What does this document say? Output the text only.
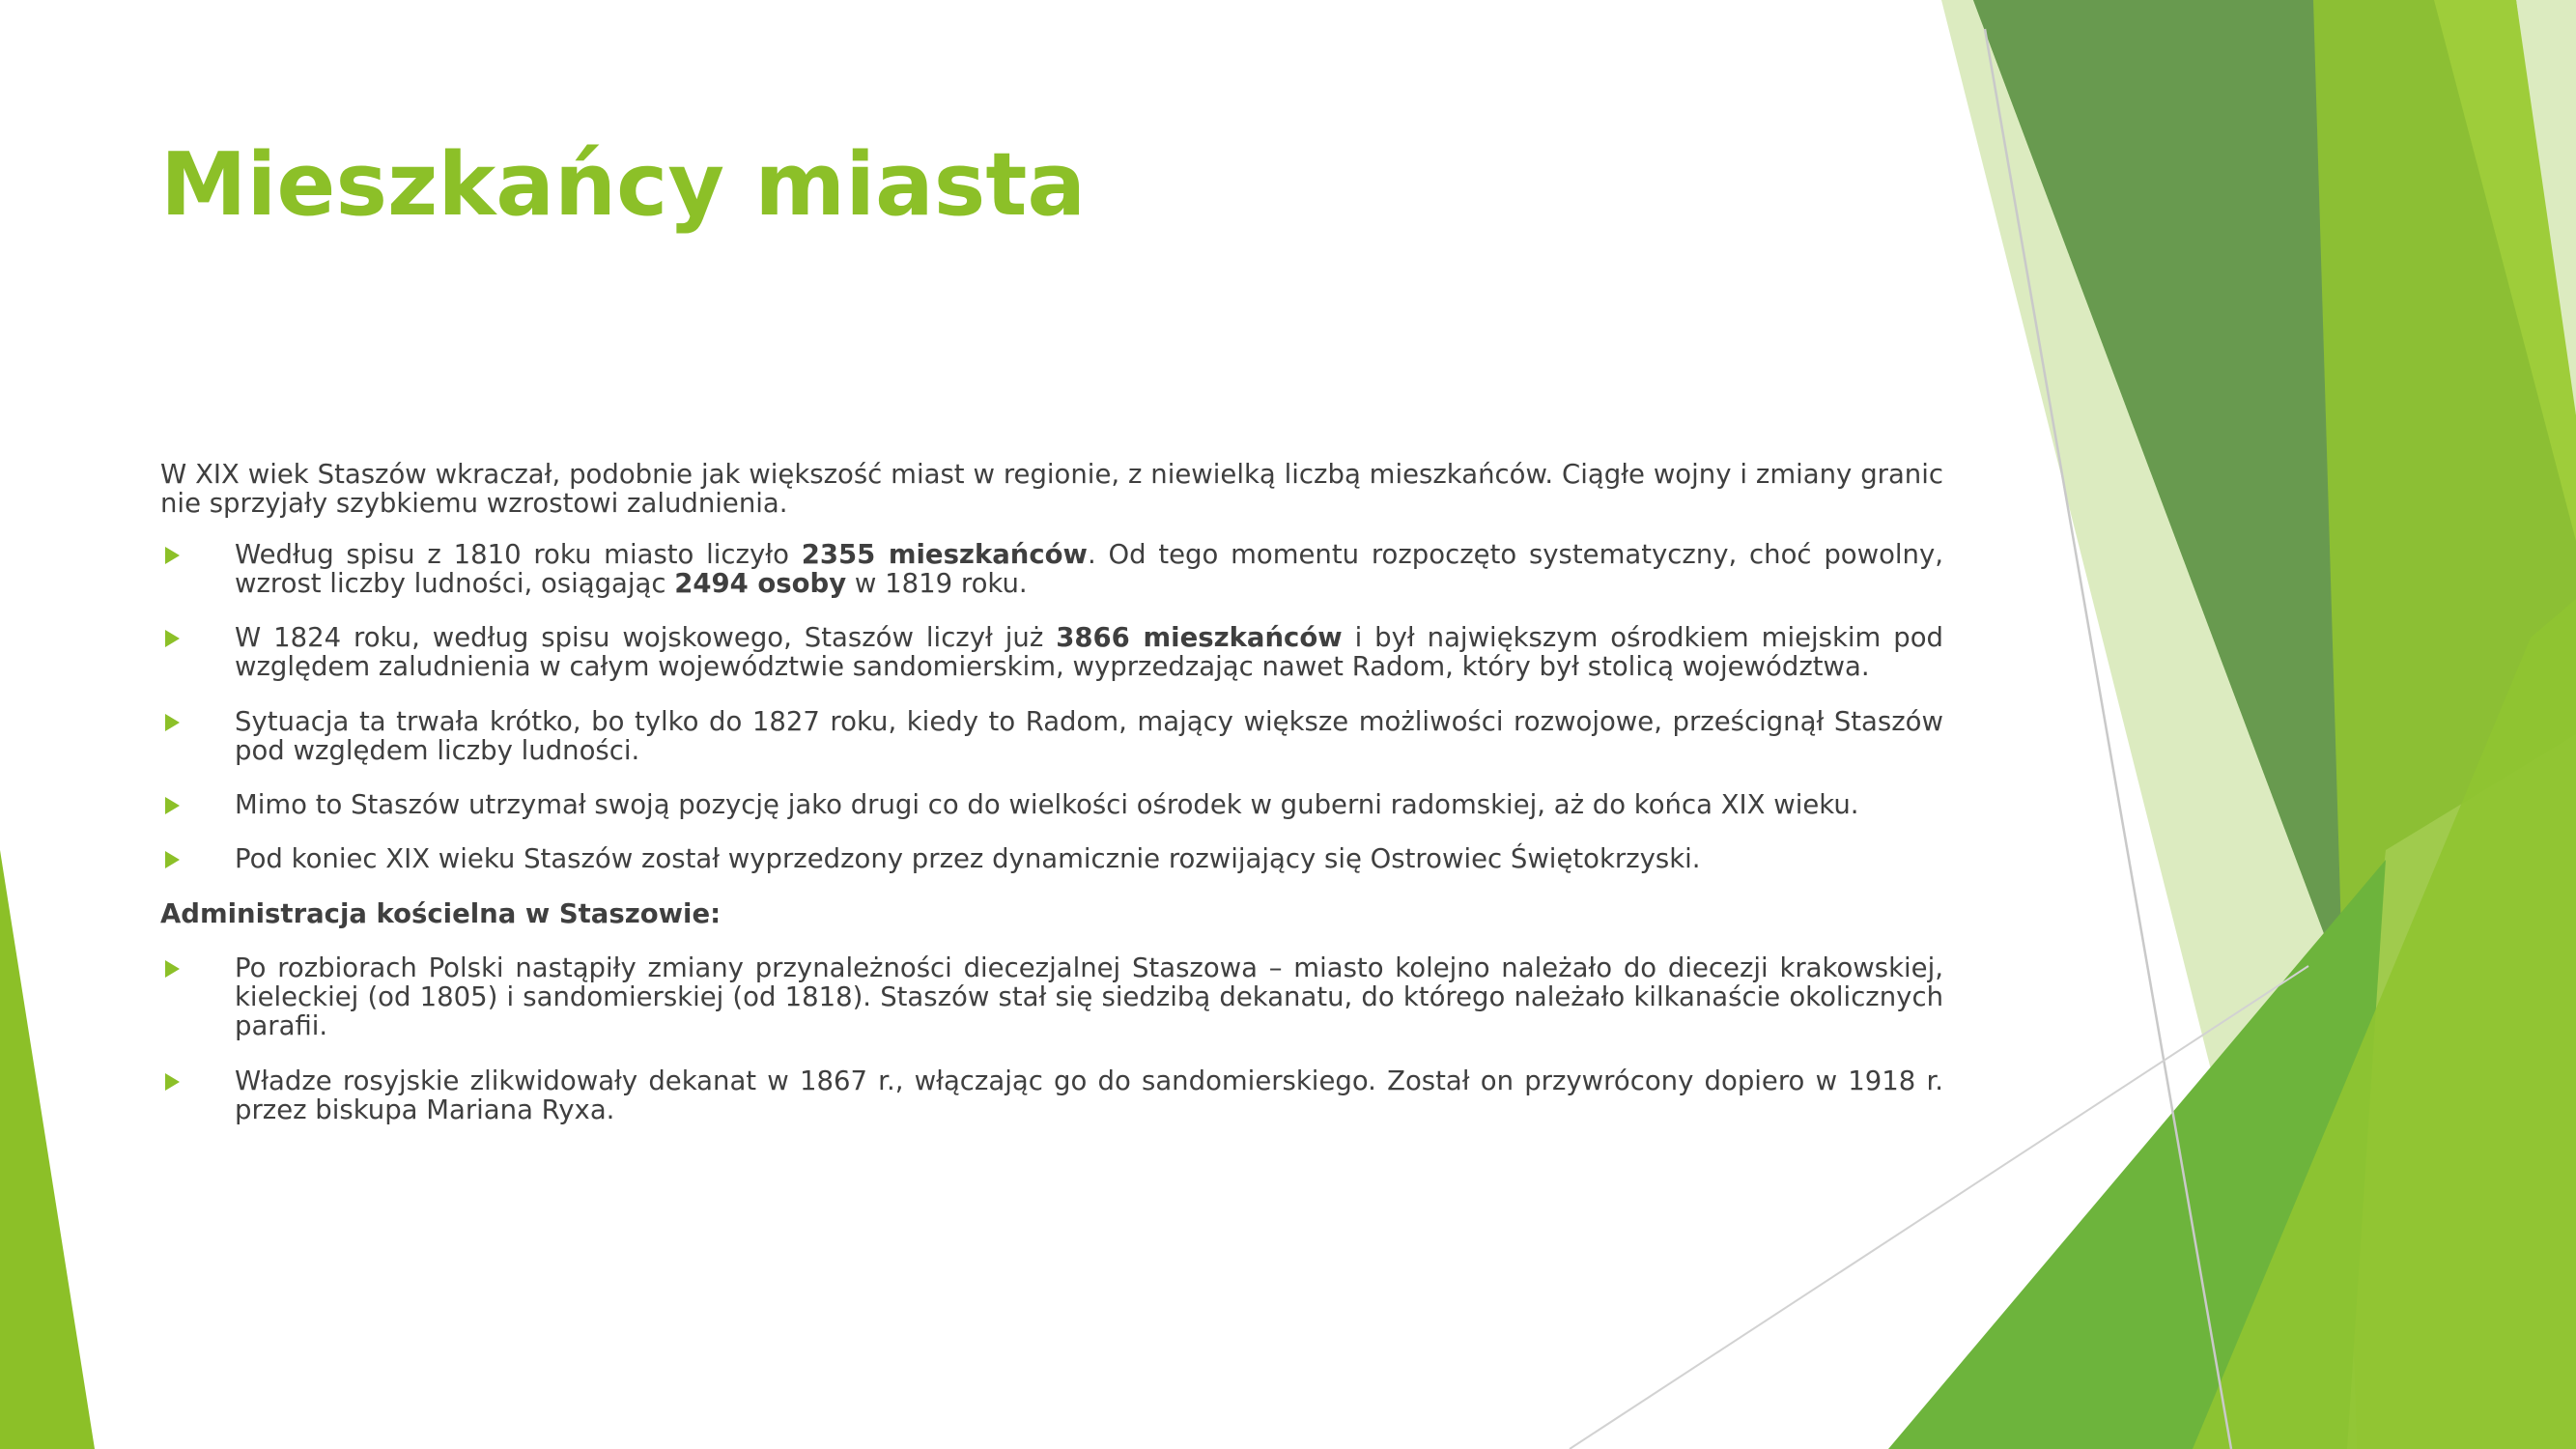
Mieszkańcy miasta

W XIX wiek Staszów wkraczał, podobnie jak większość miast w regionie, z niewielką liczbą mieszkańców. Ciągłe wojny i zmiany granic nie sprzyjały szybkiemu wzrostowi zaludnienia.

Według spisu z 1810 roku miasto liczyło 2355 mieszkańców. Od tego momentu rozpoczęto systematyczny, choć powolny, wzrost liczby ludności, osiągając 2494 osoby w 1819 roku.
W 1824 roku, według spisu wojskowego, Staszów liczył już 3866 mieszkańców i był największym ośrodkiem miejskim pod względem zaludnienia w całym województwie sandomierskim, wyprzedzając nawet Radom, który był stolicą województwa.
Sytuacja ta trwała krótko, bo tylko do 1827 roku, kiedy to Radom, mający większe możliwości rozwojowe, prześcignął Staszów pod względem liczby ludności.
Mimo to Staszów utrzymał swoją pozycję jako drugi co do wielkości ośrodek w guberni radomskiej, aż do końca XIX wieku.
Pod koniec XIX wieku Staszów został wyprzedzony przez dynamicznie rozwijający się Ostrowiec Świętokrzyski.

Administracja kościelna w Staszowie:

Po rozbiorach Polski nastąpiły zmiany przynależności diecezjalnej Staszowa – miasto kolejno należało do diecezji krakowskiej, kieleckiej (od 1805) i sandomierskiej (od 1818). Staszów stał się siedzibą dekanatu, do którego należało kilkanaście okolicznych parafii.
Władze rosyjskie zlikwidowały dekanat w 1867 r., włączając go do sandomierskiego. Został on przywrócony dopiero w 1918 r. przez biskupa Mariana Ryxa.
